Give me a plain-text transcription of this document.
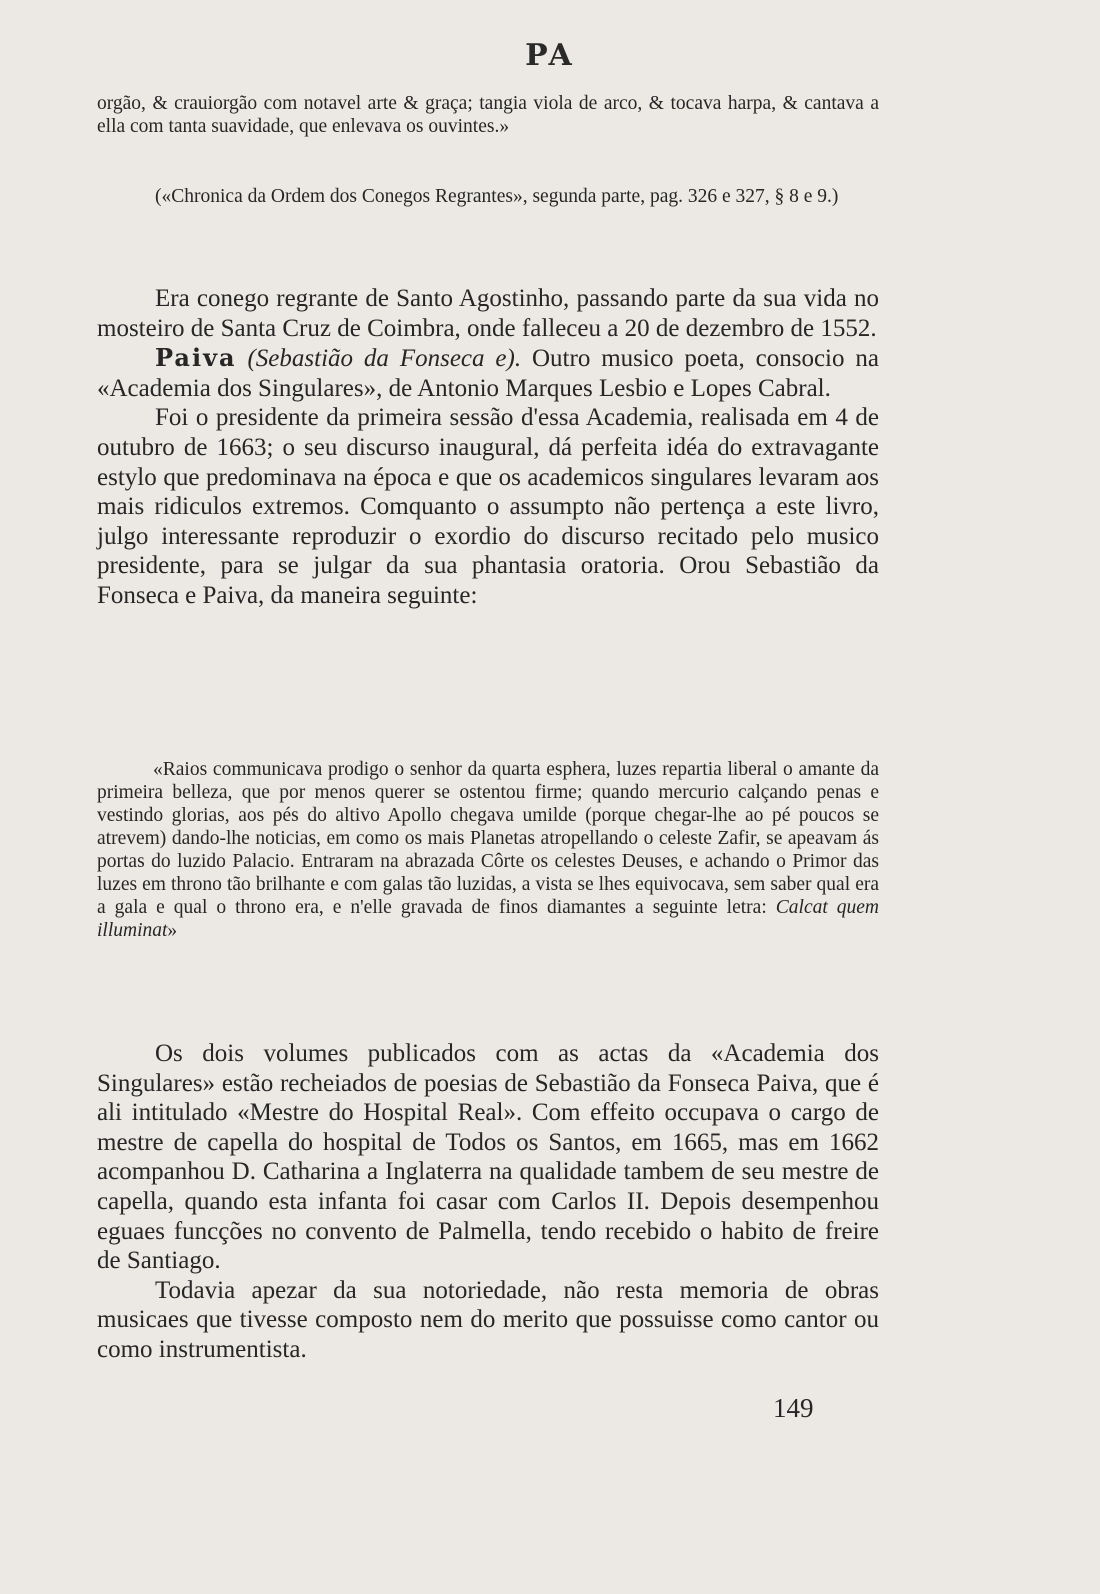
PA

orgão, & crauiorgão com notavel arte & graça; tangia viola de arco, & tocava harpa, & cantava a ella com tanta suavidade, que enlevava os ouvintes.»

(«Chronica da Ordem dos Conegos Regrantes», segunda parte, pag. 326 e 327, § 8 e 9.)

Era conego regrante de Santo Agostinho, passando parte da sua vida no mosteiro de Santa Cruz de Coimbra, onde falleceu a 20 de dezembro de 1552.

Paiva (Sebastião da Fonseca e). Outro musico poeta, consocio na «Academia dos Singulares», de Antonio Marques Lesbio e Lopes Cabral.

Foi o presidente da primeira sessão d'essa Academia, realisada em 4 de outubro de 1663; o seu discurso inaugural, dá perfeita idéa do extravagante estylo que predominava na época e que os academicos singulares levaram aos mais ridiculos extremos. Comquanto o assumpto não pertença a este livro, julgo interessante reproduzir o exordio do discurso recitado pelo musico presidente, para se julgar da sua phantasia oratoria. Orou Sebastião da Fonseca e Paiva, da maneira seguinte:

«Raios communicava prodigo o senhor da quarta esphera, luzes repartia liberal o amante da primeira belleza, que por menos querer se ostentou firme; quando mercurio calçando penas e vestindo glorias, aos pés do altivo Apollo chegava umilde (porque chegar-lhe ao pé poucos se atrevem) dando-lhe noticias, em como os mais Planetas atropellando o celeste Zafir, se apeavam ás portas do luzido Palacio. Entraram na abrazada Côrte os celestes Deuses, e achando o Primor das luzes em throno tão brilhante e com galas tão luzidas, a vista se lhes equivocava, sem saber qual era a gala e qual o throno era, e n'elle gravada de finos diamantes a seguinte letra: Calcat quem illuminat»

Os dois volumes publicados com as actas da «Academia dos Singulares» estão recheiados de poesias de Sebastião da Fonseca Paiva, que é ali intitulado «Mestre do Hospital Real». Com effeito occupava o cargo de mestre de capella do hospital de Todos os Santos, em 1665, mas em 1662 acompanhou D. Catharina a Inglaterra na qualidade tambem de seu mestre de capella, quando esta infanta foi casar com Carlos II. Depois desempenhou eguaes funcções no convento de Palmella, tendo recebido o habito de freire de Santiago.

Todavia apezar da sua notoriedade, não resta memoria de obras musicaes que tivesse composto nem do merito que possuisse como cantor ou como instrumentista.

149
